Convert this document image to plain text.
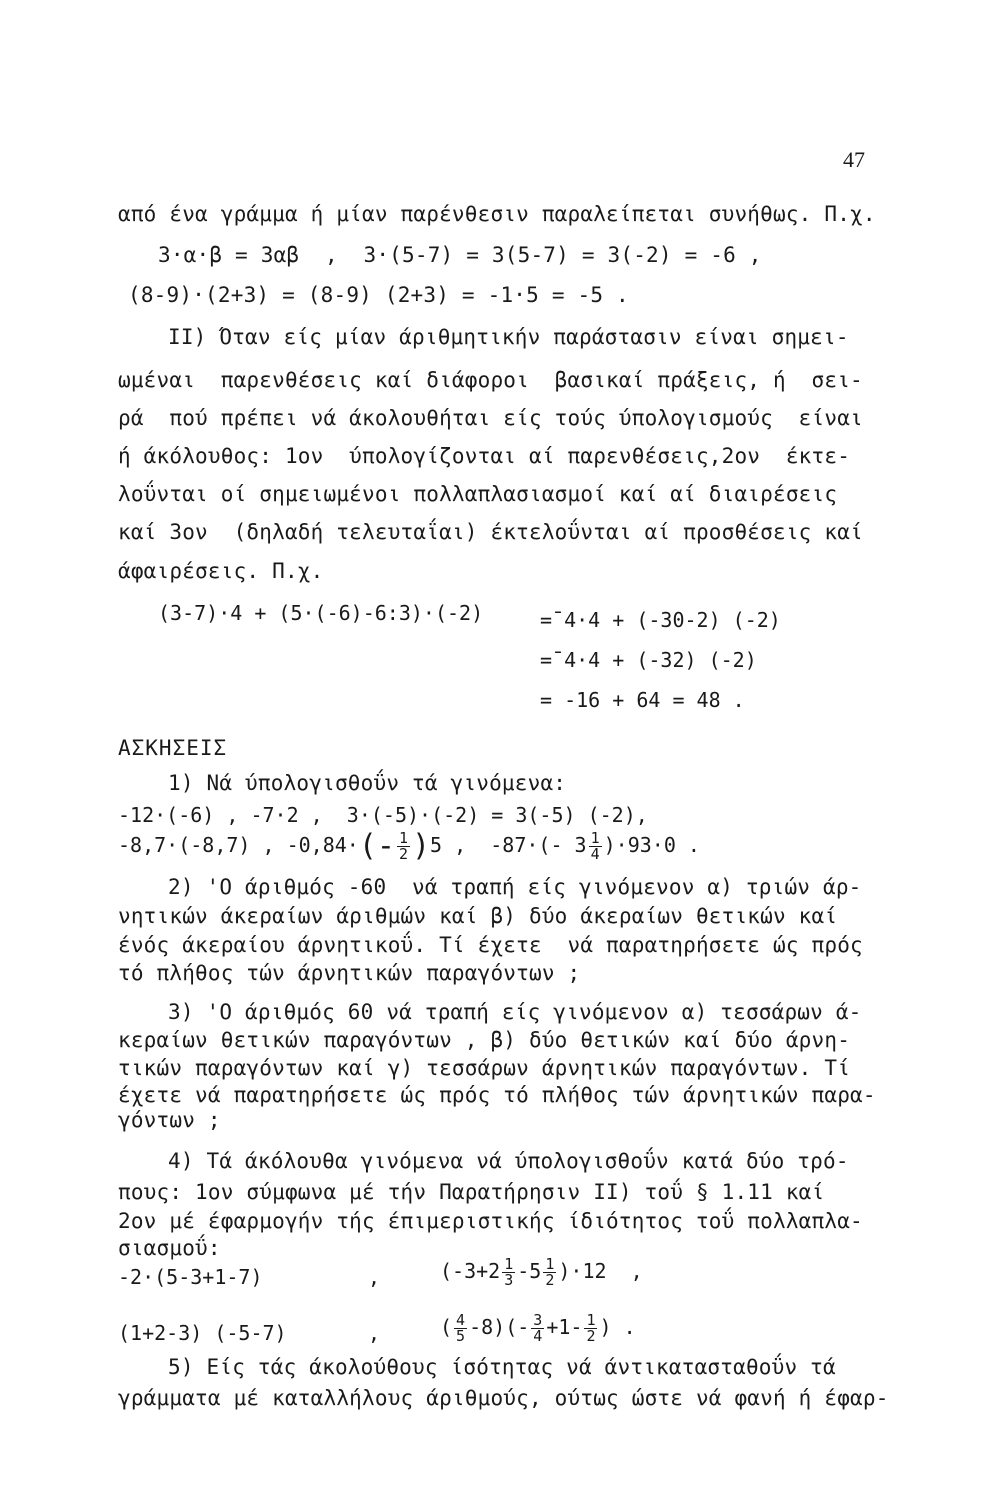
47
από ένα γράμμα ή μίαν παρένθεσιν παραλείπεται συνήθως. Π.χ.
3·α·β = 3αβ  ,  3·(5-7) = 3(5-7) = 3(-2) = -6 ,
(8-9)·(2+3) = (8-9) (2+3) = -1·5 = -5 .
II) Όταν είς μίαν άριθμητικήν παράστασιν είναι σημει-
ωμέναι  παρενθέσεις καί διάφοροι  βασικαί πράξεις, ή  σει-
ρά  πού πρέπει νά άκολουθήται είς τούς ύπολογισμούς  είναι
ή άκόλουθος: 1ον  ύπολογίζονται αί παρενθέσεις,2ον  έκτε-
λοΰνται οί σημειωμένοι πολλαπλασιασμοί καί αί διαιρέσεις
καί 3ον  (δηλαδή τελευταΐαι) έκτελοΰνται αί προσθέσεις καί
άφαιρέσεις. Π.χ.
(3-7)·4 + (5·(-6)-6:3)·(-2)	=¯4·4 + (-30-2) (-2)
=¯4·4 + (-32) (-2)
= -16 + 64 = 48 .
ΑΣΚΗΣΕΙΣ
1) Νά ύπολογισθοΰν τά γινόμενα:
-12·(-6) , -7·2 ,  3·(-5)·(-2) = 3(-5) (-2),
-8,7·(-8,7) , $-0,84\cdot(- \frac{1}{2} )5$ ,  -87·(- $3 \frac{1}{4} )\cdot 93\cdot 0$ .
2) 'Ο άριθμός -60  νά τραπή είς γινόμενον α) τριών άρ-
νητικών άκεραίων άριθμών καί β) δύο άκεραίων θετικών καί
ένός άκεραίου άρνητικοΰ. Τί έχετε  νά παρατηρήσετε ώς πρός
τό πλήθος τών άρνητικών παραγόντων ;
3) 'Ο άριθμός 60 νά τραπή είς γινόμενον α) τεσσάρων ά-
κεραίων θετικών παραγόντων , β) δύο θετικών καί δύο άρνη-
τικών παραγόντων καί γ) τεσσάρων άρνητικών παραγόντων. Τί
έχετε νά παρατηρήσετε ώς πρός τό πλήθος τών άρνητικών παρα-
γόντων ;
4) Τά άκόλουθα γινόμενα νά ύπολογισθοΰν κατά δύο τρό-
πους: 1ον σύμφωνα μέ τήν Παρατήρησιν II) τοΰ § 1.11 καί
2ον μέ έφαρμογήν τής έπιμεριστικής ίδιότητος τοΰ πολλαπλα-
σιασμοΰ:
-2·(5-3+1-7)	,	$(-3+2 \frac{1}{3} -5 \frac{1}{2} )\cdot 12$  ,
(1+2-3) (-5-7)	,	( $\frac{4}{5} -8)(- \frac{3}{4} +1- \frac{1}{2}$ ) .
5) Είς τάς άκολούθους ίσότητας νά άντικατασταθοΰν τά
γράμματα μέ καταλλήλους άριθμούς, ούτως ώστε νά φανή ή έφαρ-
